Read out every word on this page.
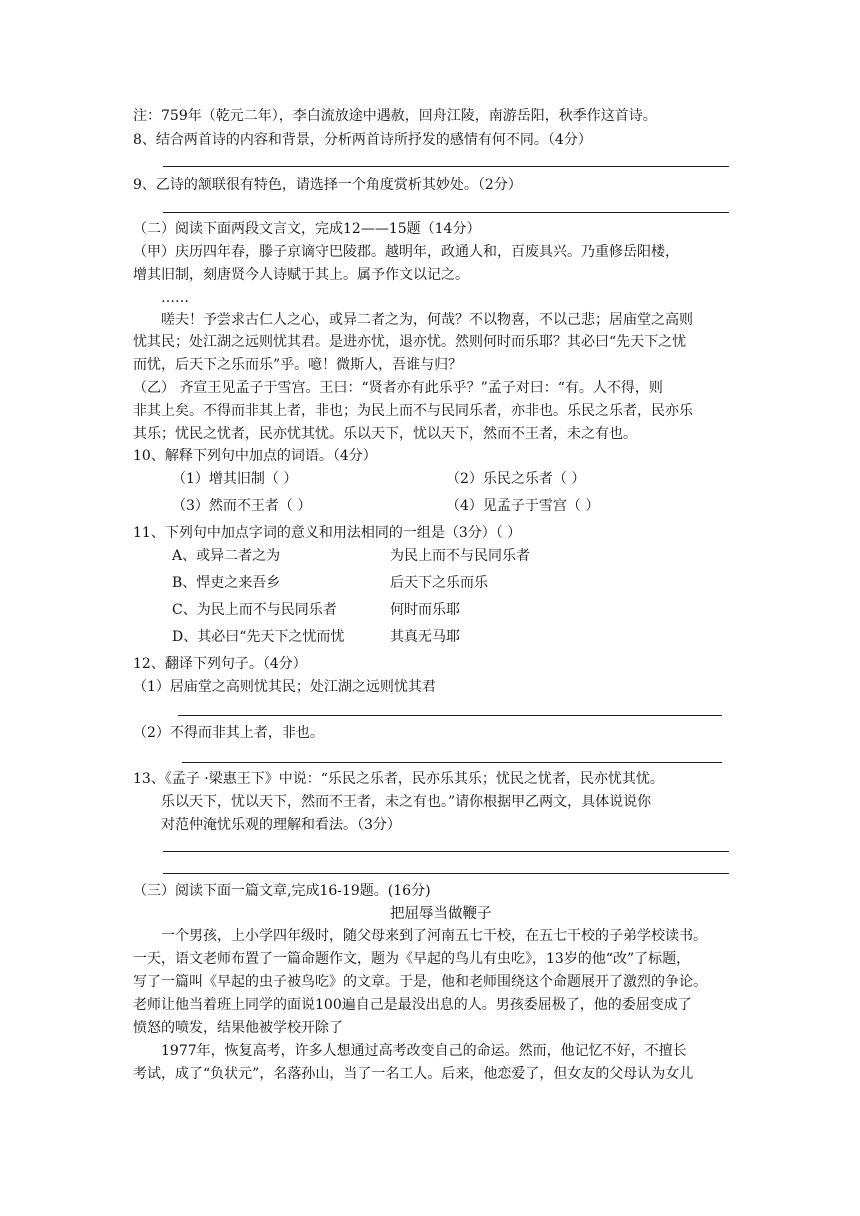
注：759年（乾元二年），李白流放途中遇赦，回舟江陵，南游岳阳，秋季作这首诗。
8、结合两首诗的内容和背景，分析两首诗所抒发的感情有何不同。（4分）
9、乙诗的颔联很有特色，请选择一个角度赏析其妙处。（2分）
（二）阅读下面两段文言文，完成12——15题（14分）
（甲）庆历四年春，滕子京谪守巴陵郡。越明年，政通人和，百废具兴。乃重修岳阳楼，
增其旧制，刻唐贤今人诗赋于其上。属予作文以记之。
……
嗟夫！予尝求古仁人之心，或异二者之为，何哉？不以物喜，不以己悲；居庙堂之高则
忧其民；处江湖之远则忧其君。是进亦忧，退亦忧。然则何时而乐耶？其必曰“先天下之忧
而忧，后天下之乐而乐”乎。噫！微斯人，吾谁与归？
（乙） 齐宣王见孟子于雪宫。王曰：“贤者亦有此乐乎？”孟子对曰：“有。人不得，则
非其上矣。不得而非其上者，非也；为民上而不与民同乐者，亦非也。乐民之乐者，民亦乐
其乐；忧民之忧者，民亦忧其忧。乐以天下，忧以天下，然而不王者，未之有也。
10、解释下列句中加点的词语。（4分）
（1）增其旧制（ ）	（2）乐民之乐者（ ）
（3）然而不王者（ ）	（4）见孟子于雪宫（ ）
11、下列句中加点字词的意义和用法相同的一组是（3分）（ ）
A、或异二者之为	为民上而不与民同乐者
B、悍吏之来吾乡	后天下之乐而乐
C、为民上而不与民同乐者	何时而乐耶
D、其必曰“先天下之忧而忧	其真无马耶
12、翻译下列句子。（4分）
（1）居庙堂之高则忧其民；处江湖之远则忧其君
（2）不得而非其上者，非也。
13、《孟子 ·梁惠王下》中说：“乐民之乐者，民亦乐其乐；忧民之忧者，民亦忧其忧。
乐以天下，忧以天下，然而不王者，未之有也。”请你根据甲乙两文，具体说说你
对范仲淹忧乐观的理解和看法。（3分）
（三）阅读下面一篇文章,完成16-19题。(16分)
把屈辱当做鞭子
一个男孩，上小学四年级时，随父母来到了河南五七干校，在五七干校的子弟学校读书。
一天，语文老师布置了一篇命题作文，题为《早起的鸟儿有虫吃》，13岁的他“改”了标题，
写了一篇叫《早起的虫子被鸟吃》的文章。于是，他和老师围绕这个命题展开了激烈的争论。
老师让他当着班上同学的面说100遍自己是最没出息的人。男孩委屈极了，他的委屈变成了
愤怒的喷发，结果他被学校开除了
1977年，恢复高考，许多人想通过高考改变自己的命运。然而，他记忆不好，不擅长
考试，成了“负状元”，名落孙山，当了一名工人。后来，他恋爱了，但女友的父母认为女儿
